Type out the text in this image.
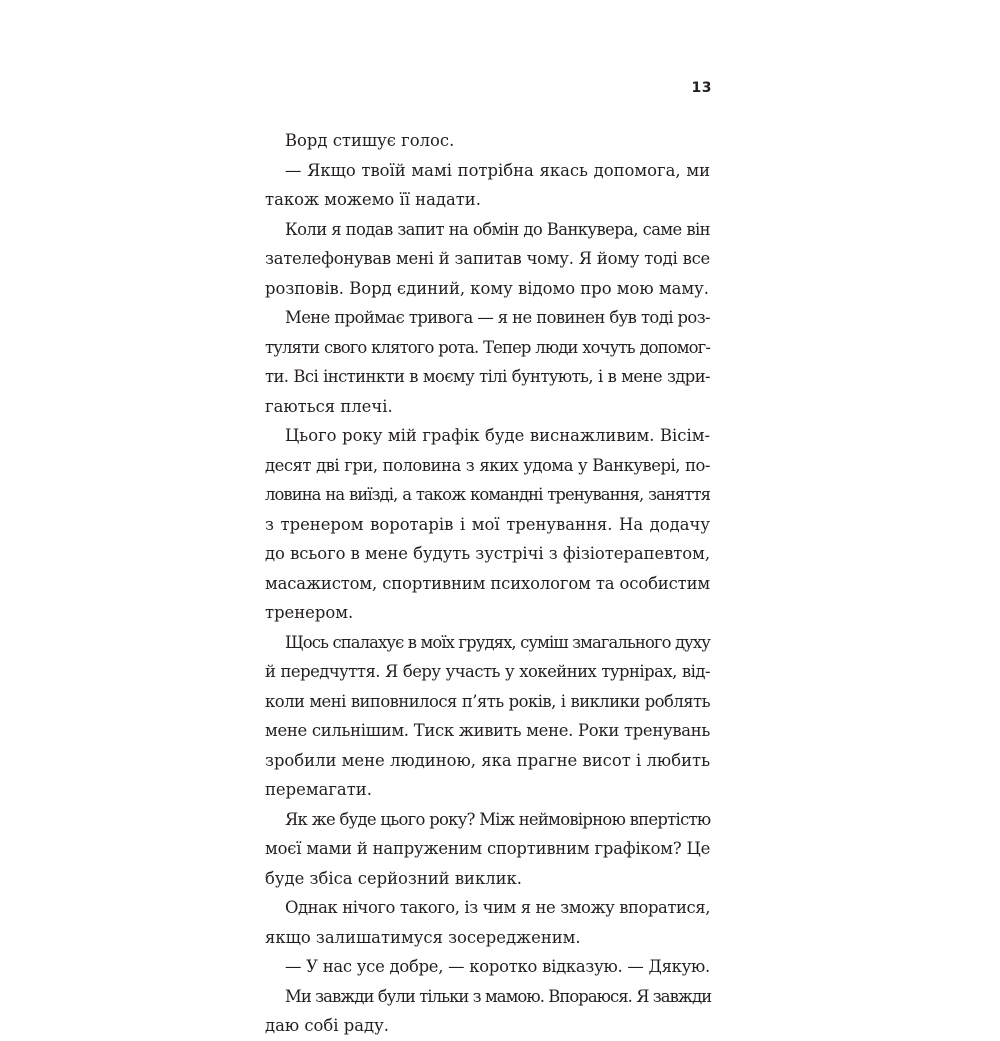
13
Ворд стишує голос.
— Якщо твоїй мамі потрібна якась допомога, ми
також можемо її надати.
Коли я подав запит на обмін до Ванкувера, саме він
зателефонував мені й запитав чому. Я йому тоді все
розповів. Ворд єдиний, кому відомо про мою маму.
Мене проймає тривога — я не повинен був тоді роз-
туляти свого клятого рота. Тепер люди хочуть допомог-
ти. Всі інстинкти в моєму тілі бунтують, і в мене здри-
гаються плечі.
Цього року мій графік буде виснажливим. Вісім-
десят дві гри, половина з яких удома у Ванкувері, по-
ловина на виїзді, а також командні тренування, заняття
з тренером воротарів і мої тренування. На додачу
до всього в мене будуть зустрічі з фізіотерапевтом,
масажистом, спортивним психологом та особистим
тренером.
Щось спалахує в моїх грудях, суміш змагального духу
й передчуття. Я беру участь у хокейних турнірах, від-
коли мені виповнилося п’ять років, і виклики роблять
мене сильнішим. Тиск живить мене. Роки тренувань
зробили мене людиною, яка прагне висот і любить
перемагати.
Як же буде цього року? Між неймовірною впертістю
моєї мами й напруженим спортивним графіком? Це
буде збіса серйозний виклик.
Однак нічого такого, із чим я не зможу впоратися,
якщо залишатимуся зосередженим.
— У нас усе добре, — коротко відказую. — Дякую.
Ми завжди були тільки з мамою. Впораюся. Я завжди
даю собі раду.
